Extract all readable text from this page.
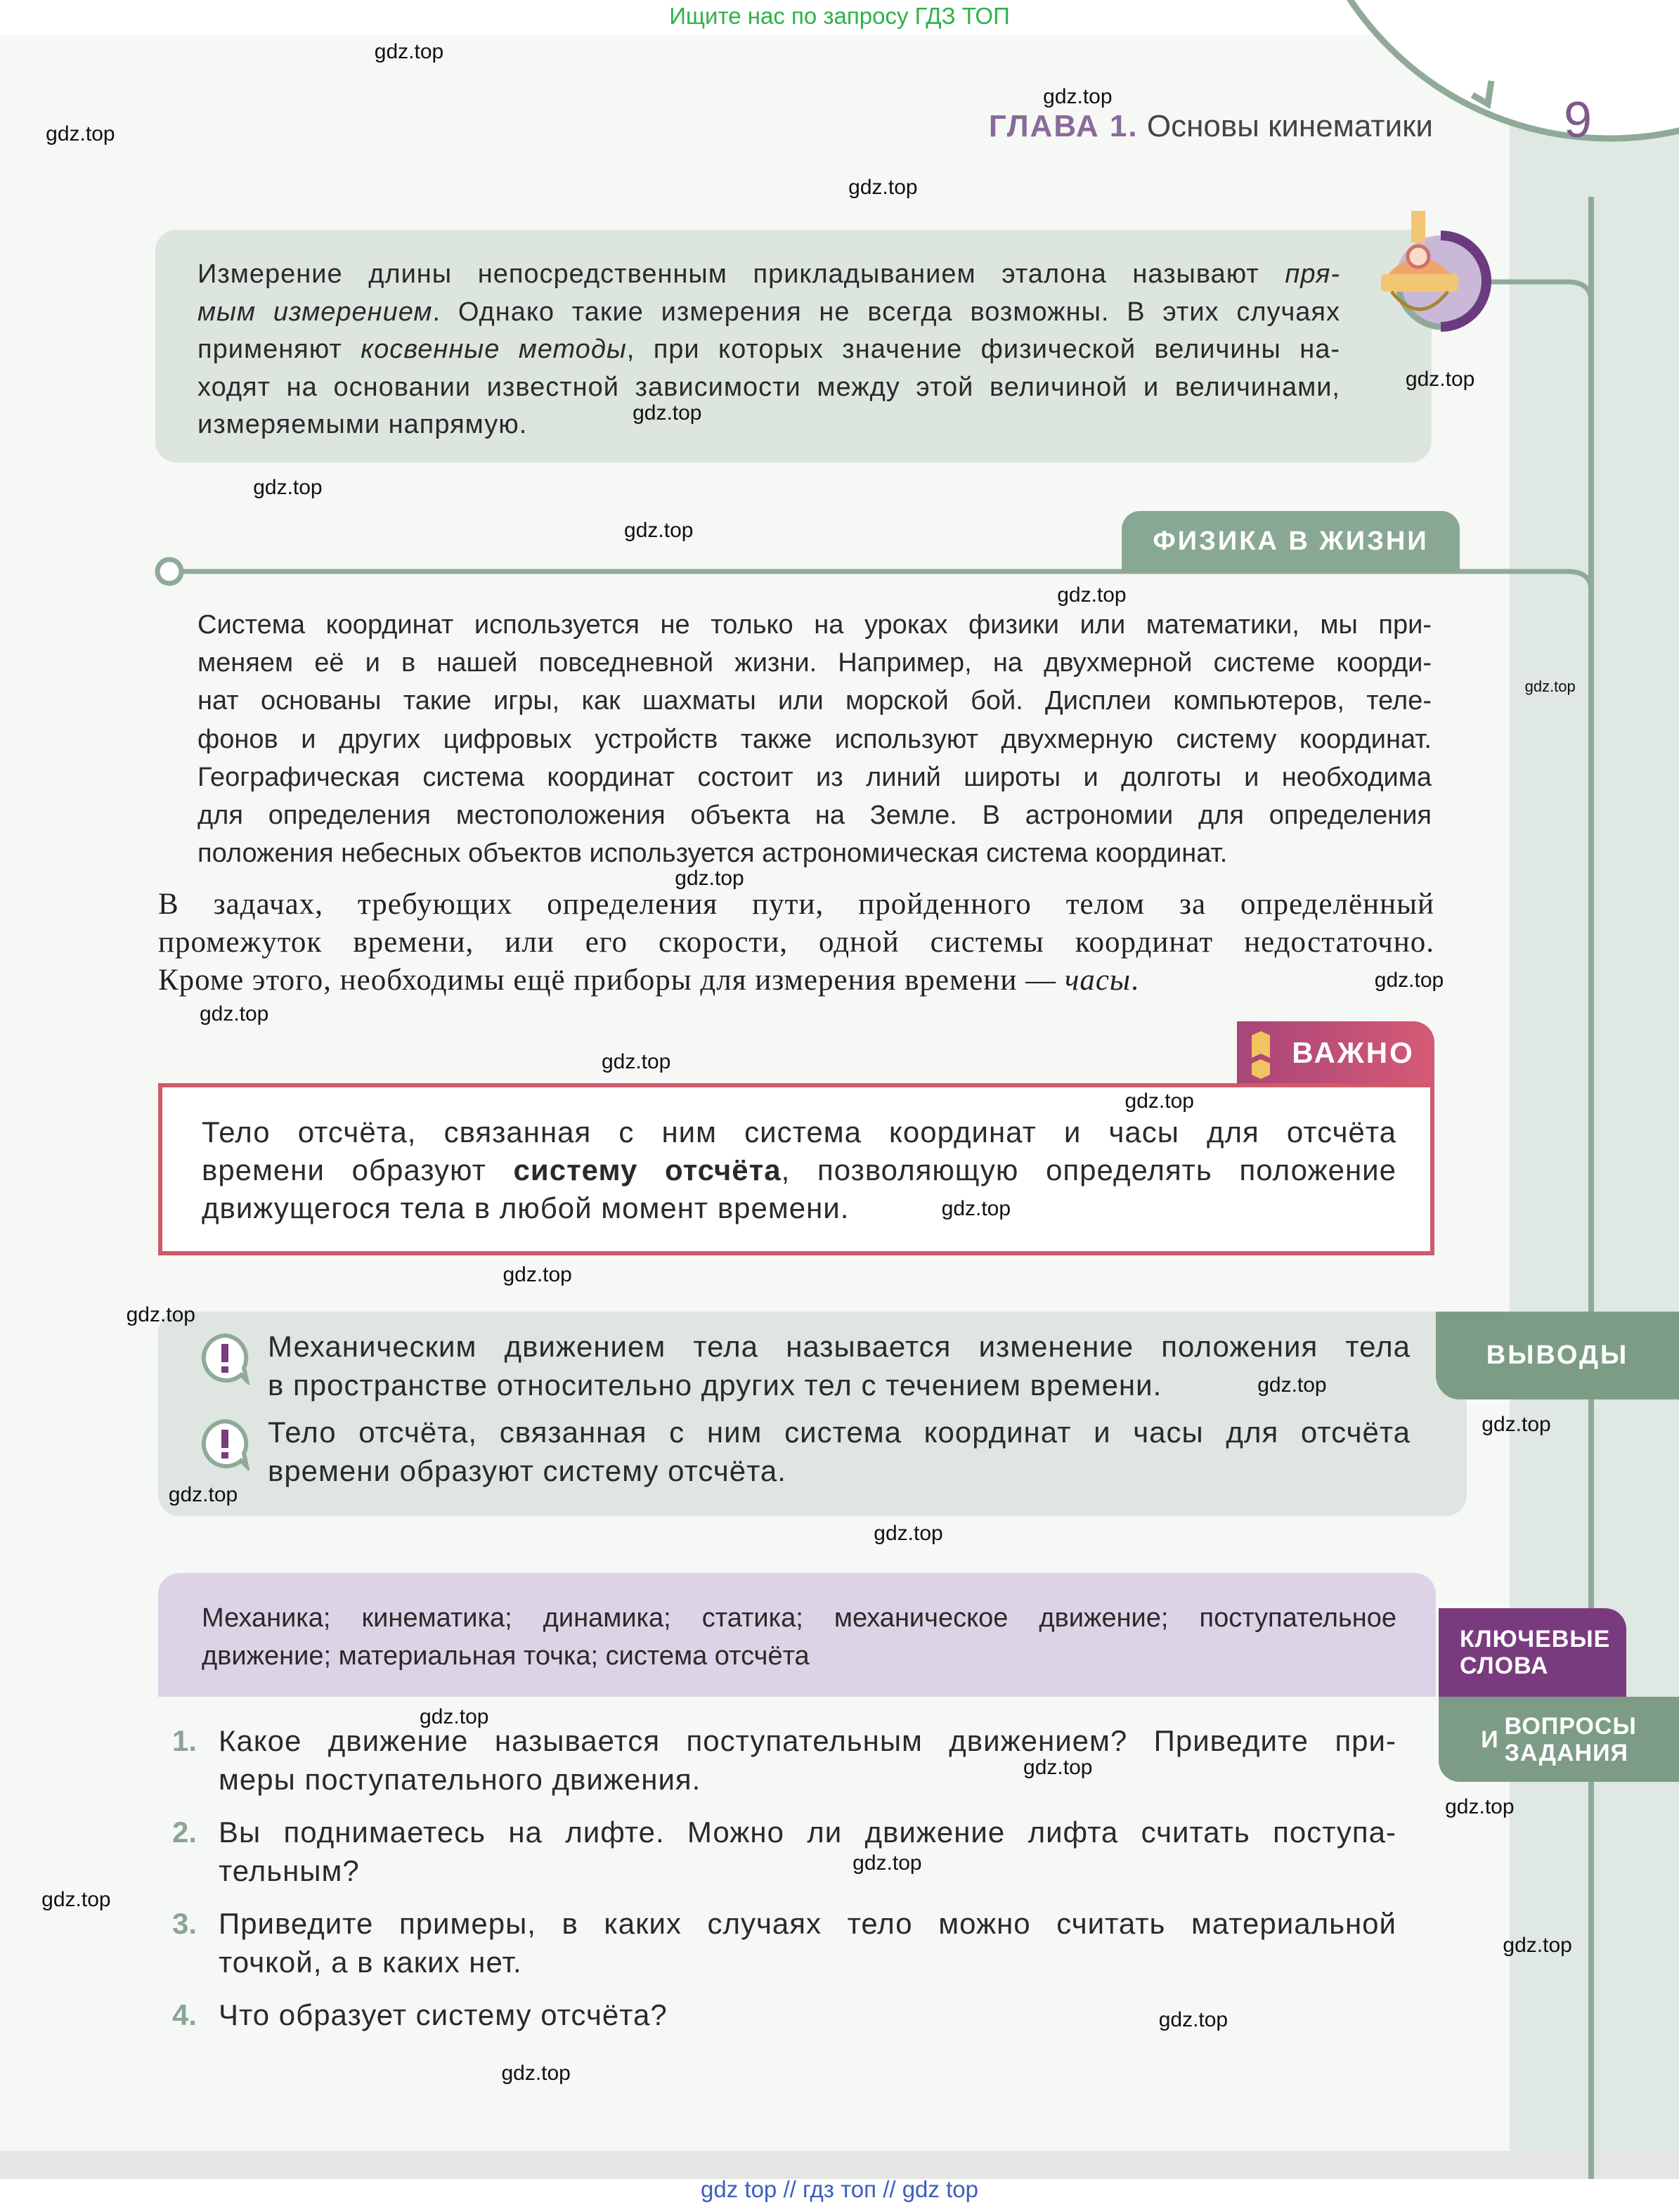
Ищите нас по запросу ГДЗ ТОП
ГЛАВА 1. Основы кинематики	9
Измерение длины непосредственным прикладыванием эталона называют пря-
мым измерением. Однако такие измерения не всегда возможны. В этих случаях
применяют косвенные методы, при которых значение физической величины на-
ходят на основании известной зависимости между этой величиной и величинами,
измеряемыми напрямую.
ФИЗИКА В ЖИЗНИ
Система координат используется не только на уроках физики или математики, мы при-
меняем её и в нашей повседневной жизни. Например, на двухмерной системе коорди-
нат основаны такие игры, как шахматы или морской бой. Дисплеи компьютеров, теле-
фонов и других цифровых устройств также используют двухмерную систему координат.
Географическая система координат состоит из линий широты и долготы и необходима
для определения местоположения объекта на Земле. В астрономии для определения
положения небесных объектов используется астрономическая система координат.
В задачах, требующих определения пути, пройденного телом за определённый
промежуток времени, или его скорости, одной системы координат недостаточно.
Кроме этого, необходимы ещё приборы для измерения времени — часы.
ВАЖНО
Тело отсчёта, связанная с ним система координат и часы для отсчёта
времени образуют систему отсчёта, позволяющую определять положение
движущегося тела в любой момент времени.
ВЫВОДЫ
Механическим движением тела называется изменение положения тела
в пространстве относительно других тел с течением времени.
Тело отсчёта, связанная с ним система координат и часы для отсчёта
времени образуют систему отсчёта.
Механика; кинематика; динамика; статика; механическое движение; поступательное
движение; материальная точка; система отсчёта
КЛЮЧЕВЫЕ
СЛОВА
И ВОПРОСЫ
ЗАДАНИЯ
1. Какое движение называется поступательным движением? Приведите при-
меры поступательного движения.
2. Вы поднимаетесь на лифте. Можно ли движение лифта считать поступа-
тельным?
3. Приведите примеры, в каких случаях тело можно считать материальной
точкой, а в каких нет.
4. Что образует систему отсчёта?
gdz.top
gdz.top
gdz.top
gdz.top
gdz.top
gdz.top
gdz.top
gdz.top
gdz.top
gdz.top
gdz.top
gdz.top
gdz.top
gdz.top
gdz.top
gdz.top
gdz.top
gdz.top
gdz.top
gdz.top
gdz.top
gdz.top
gdz.top
gdz.top
gdz.top
gdz.top
gdz.top
gdz.top
gdz.top
gdz.top
gdz top // гдз топ // gdz top
